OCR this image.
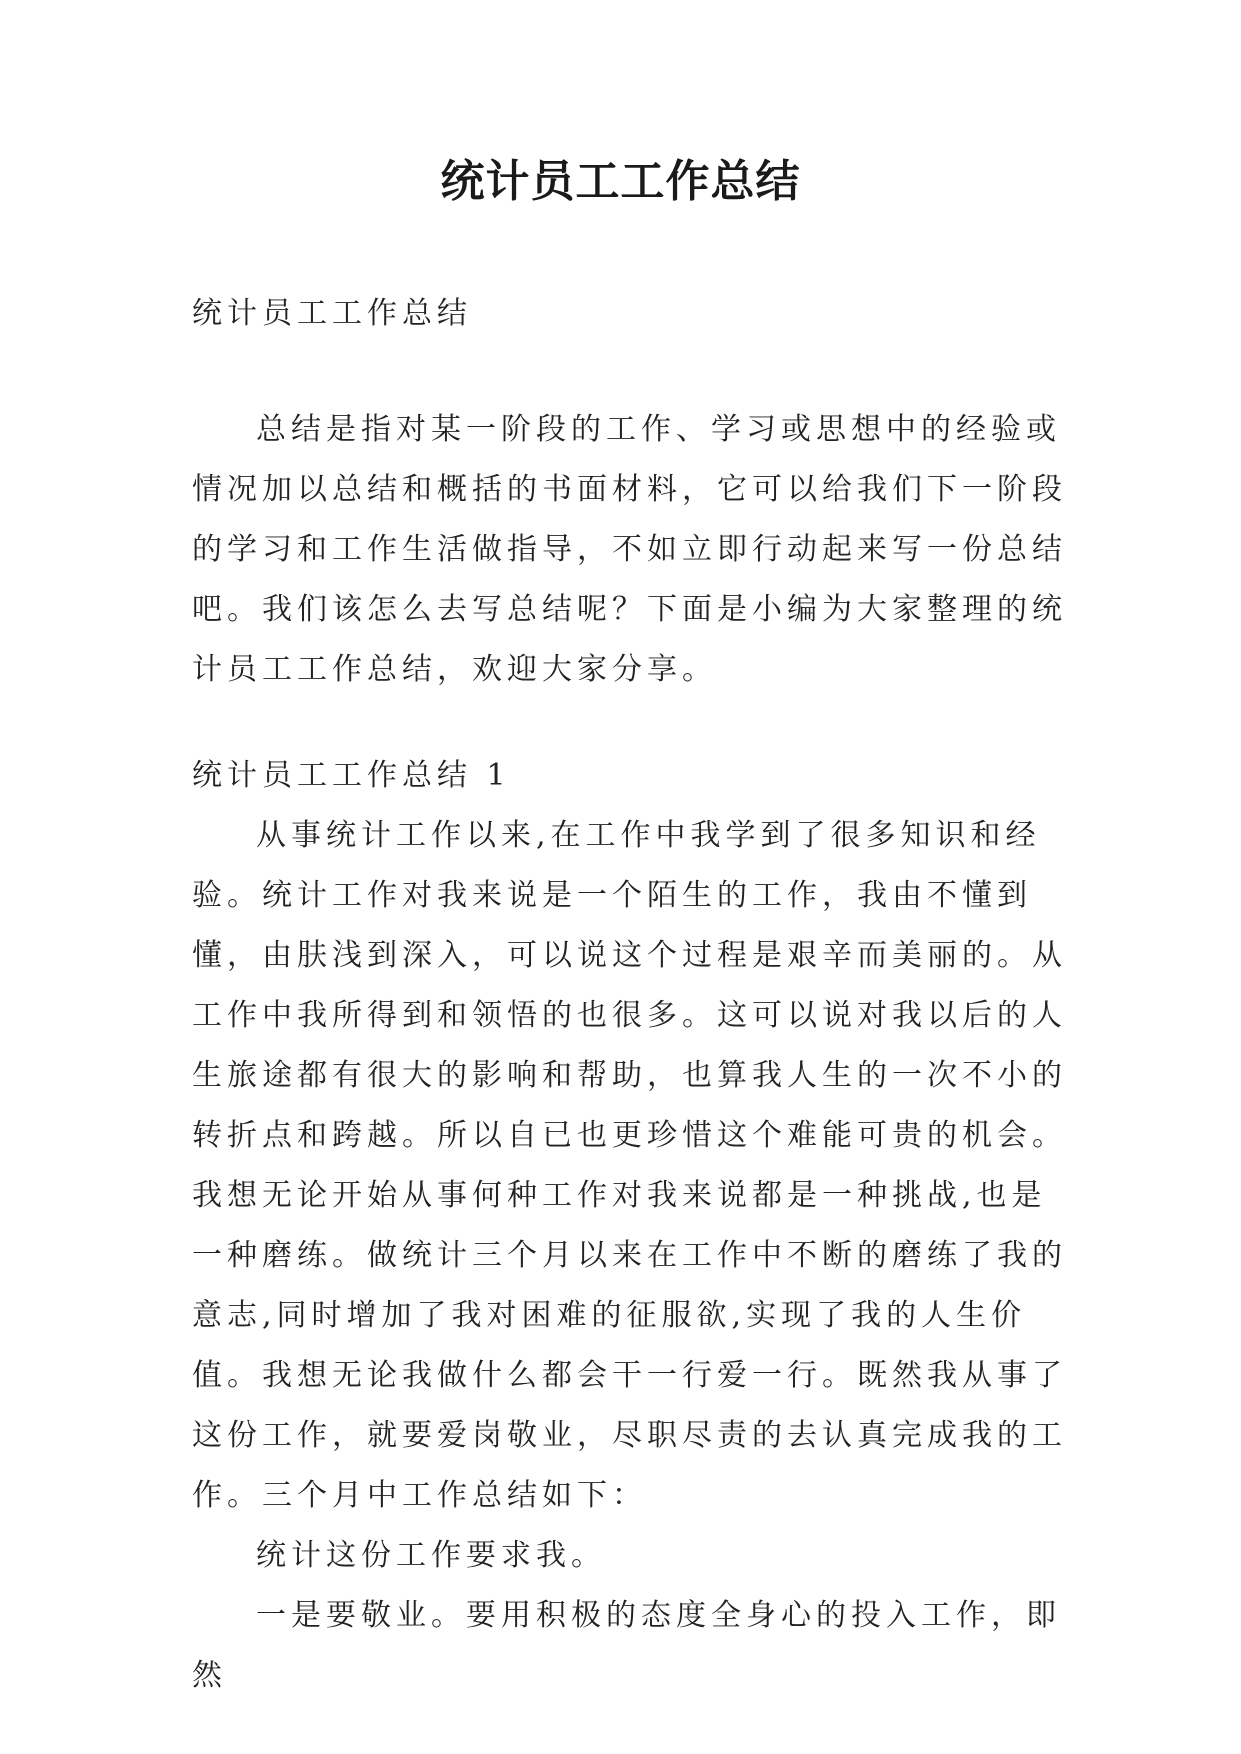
统计员工工作总结

统计员工工作总结

总结是指对某一阶段的工作、学习或思想中的经验或情况加以总结和概括的书面材料，它可以给我们下一阶段的学习和工作生活做指导，不如立即行动起来写一份总结吧。我们该怎么去写总结呢？下面是小编为大家整理的统计员工工作总结，欢迎大家分享。

统计员工工作总结 1

从事统计工作以来,在工作中我学到了很多知识和经验。统计工作对我来说是一个陌生的工作，我由不懂到懂，由肤浅到深入，可以说这个过程是艰辛而美丽的。从工作中我所得到和领悟的也很多。这可以说对我以后的人生旅途都有很大的影响和帮助，也算我人生的一次不小的转折点和跨越。所以自已也更珍惜这个难能可贵的机会。我想无论开始从事何种工作对我来说都是一种挑战,也是一种磨练。做统计三个月以来在工作中不断的磨练了我的意志,同时增加了我对困难的征服欲,实现了我的人生价值。我想无论我做什么都会干一行爱一行。既然我从事了这份工作，就要爱岗敬业，尽职尽责的去认真完成我的工作。三个月中工作总结如下：

统计这份工作要求我。

一是要敬业。要用积极的态度全身心的投入工作，即然
